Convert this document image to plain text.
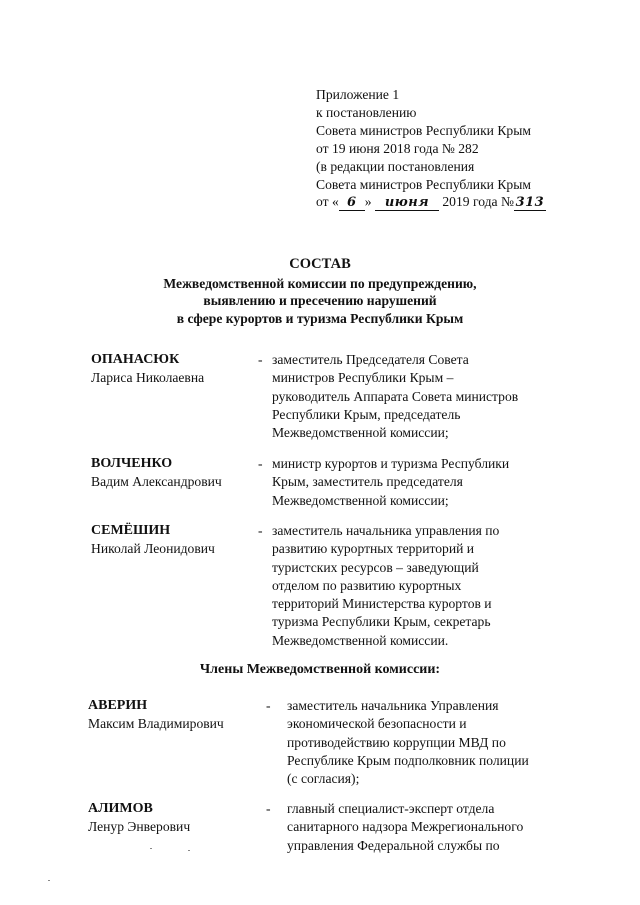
Приложение 1
к постановлению
Совета министров Республики Крым
от 19 июня 2018 года № 282
(в редакции постановления
Совета министров Республики Крым
от « 6 » июня 2019 года № 313
СОСТАВ
Межведомственной комиссии по предупреждению,
выявлению и пресечению нарушений
в сфере курортов и туризма Республики Крым
ОПАНАСЮК
Лариса Николаевна
- заместитель Председателя Совета
министров Республики Крым –
руководитель Аппарата Совета министров
Республики Крым, председатель
Межведомственной комиссии;
ВОЛЧЕНКО
Вадим Александрович
- министр курортов и туризма Республики
Крым, заместитель председателя
Межведомственной комиссии;
СЕМЁШИН
Николай Леонидович
- заместитель начальника управления по
развитию курортных территорий и
туристских ресурсов – заведующий
отделом по развитию курортных
территорий Министерства курортов и
туризма Республики Крым, секретарь
Межведомственной комиссии.
Члены Межведомственной комиссии:
АВЕРИН
Максим Владимирович
- заместитель начальника Управления
экономической безопасности и
противодействию коррупции МВД по
Республике Крым подполковник полиции
(с согласия);
АЛИМОВ
Ленур Энверович
- главный специалист-эксперт отдела
санитарного надзора Межрегионального
управления Федеральной службы по
